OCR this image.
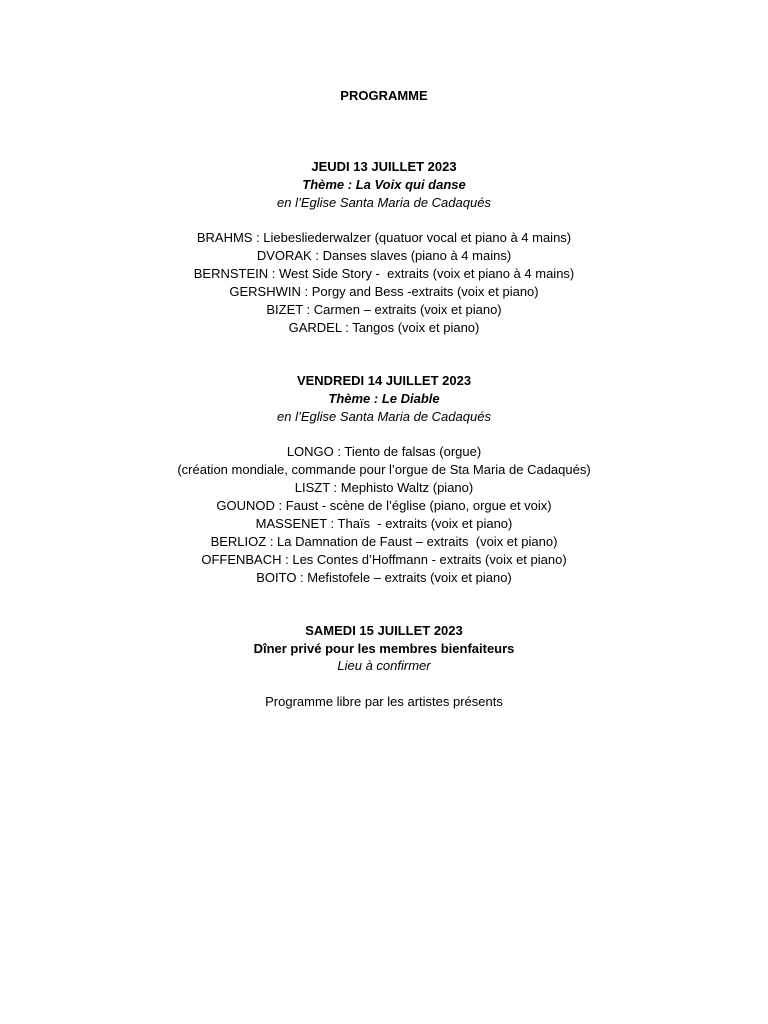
PROGRAMME
JEUDI 13 JUILLET 2023
Thème : La Voix qui danse
en l’Eglise Santa Maria de Cadaqués
BRAHMS : Liebesliederwalzer (quatuor vocal et piano à 4 mains)
DVORAK : Danses slaves (piano à 4 mains)
BERNSTEIN : West Side Story -  extraits (voix et piano à 4 mains)
GERSHWIN : Porgy and Bess -extraits (voix et piano)
BIZET : Carmen – extraits (voix et piano)
GARDEL : Tangos (voix et piano)
VENDREDI 14 JUILLET 2023
Thème : Le Diable
en l’Eglise Santa Maria de Cadaqués
LONGO : Tiento de falsas (orgue)
(création mondiale, commande pour l’orgue de Sta Maria de Cadaqués)
LISZT : Mephisto Waltz (piano)
GOUNOD : Faust - scène de l’église (piano, orgue et voix)
MASSENET : Thaïs  - extraits (voix et piano)
BERLIOZ : La Damnation de Faust – extraits  (voix et piano)
OFFENBACH : Les Contes d’Hoffmann - extraits (voix et piano)
BOITO : Mefistofele – extraits (voix et piano)
SAMEDI 15 JUILLET 2023
Dîner privé pour les membres bienfaiteurs
Lieu à confirmer
Programme libre par les artistes présents
